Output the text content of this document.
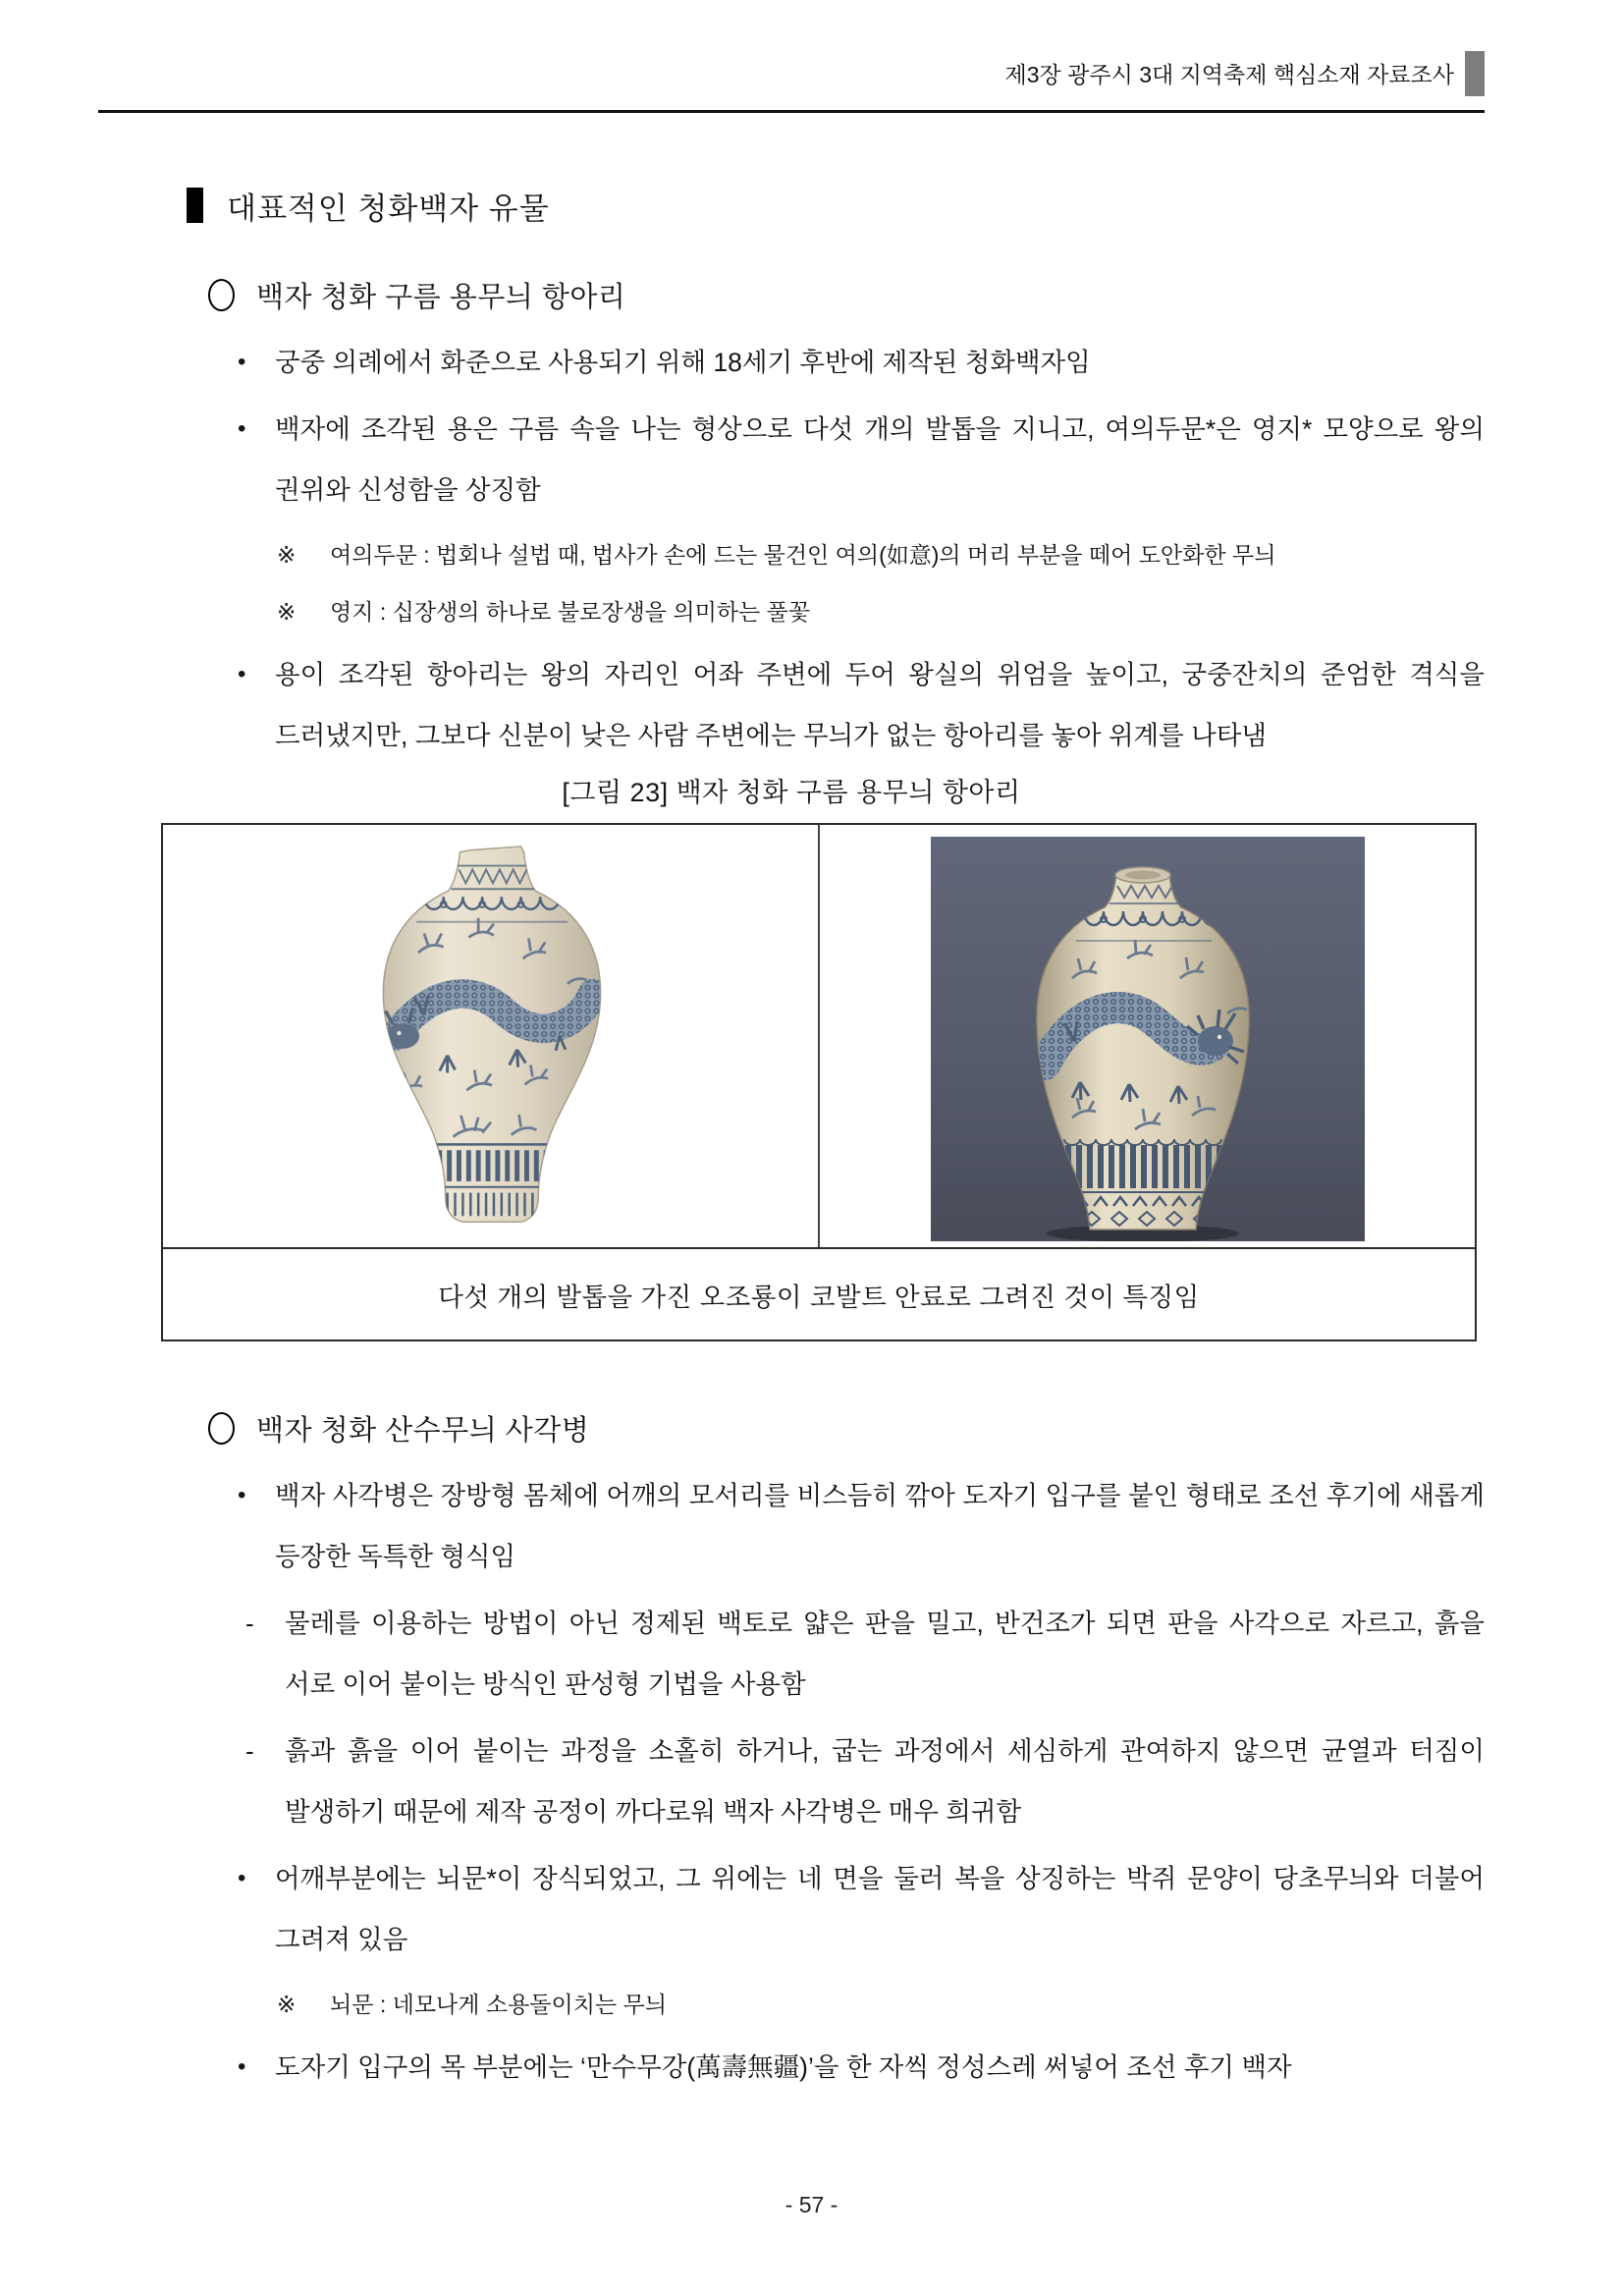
제3장 광주시 3대 지역축제 핵심소재 자료조사
대표적인 청화백자 유물
백자 청화 구름 용무늬 항아리
•	궁중 의례에서 화준으로 사용되기 위해 18세기 후반에 제작된 청화백자임
•	백자에 조각된 용은 구름 속을 나는 형상으로 다섯 개의 발톱을 지니고, 여의두문*은 영지* 모양으로 왕의 권위와 신성함을 상징함
※	여의두문 : 법회나 설법 때, 법사가 손에 드는 물건인 여의(如意)의 머리 부분을 떼어 도안화한 무늬
※	영지 : 십장생의 하나로 불로장생을 의미하는 풀꽃
•	용이 조각된 항아리는 왕의 자리인 어좌 주변에 두어 왕실의 위엄을 높이고, 궁중잔치의 준엄한 격식을 드러냈지만, 그보다 신분이 낮은 사람 주변에는 무늬가 없는 항아리를 놓아 위계를 나타냄
[그림 23] 백자 청화 구름 용무늬 항아리
다섯 개의 발톱을 가진 오조룡이 코발트 안료로 그려진 것이 특징임
백자 청화 산수무늬 사각병
•	백자 사각병은 장방형 몸체에 어깨의 모서리를 비스듬히 깎아 도자기 입구를 붙인 형태로 조선 후기에 새롭게 등장한 독특한 형식임
-	물레를 이용하는 방법이 아닌 정제된 백토로 얇은 판을 밀고, 반건조가 되면 판을 사각으로 자르고, 흙을 서로 이어 붙이는 방식인 판성형 기법을 사용함
-	흙과 흙을 이어 붙이는 과정을 소홀히 하거나, 굽는 과정에서 세심하게 관여하지 않으면 균열과 터짐이 발생하기 때문에 제작 공정이 까다로워 백자 사각병은 매우 희귀함
•	어깨부분에는 뇌문*이 장식되었고, 그 위에는 네 면을 둘러 복을 상징하는 박쥐 문양이 당초무늬와 더불어 그려져 있음
※	뇌문 : 네모나게 소용돌이치는 무늬
•	도자기 입구의 목 부분에는 ‘만수무강(萬壽無疆)’을 한 자씩 정성스레 써넣어 조선 후기 백자
- 57 -
